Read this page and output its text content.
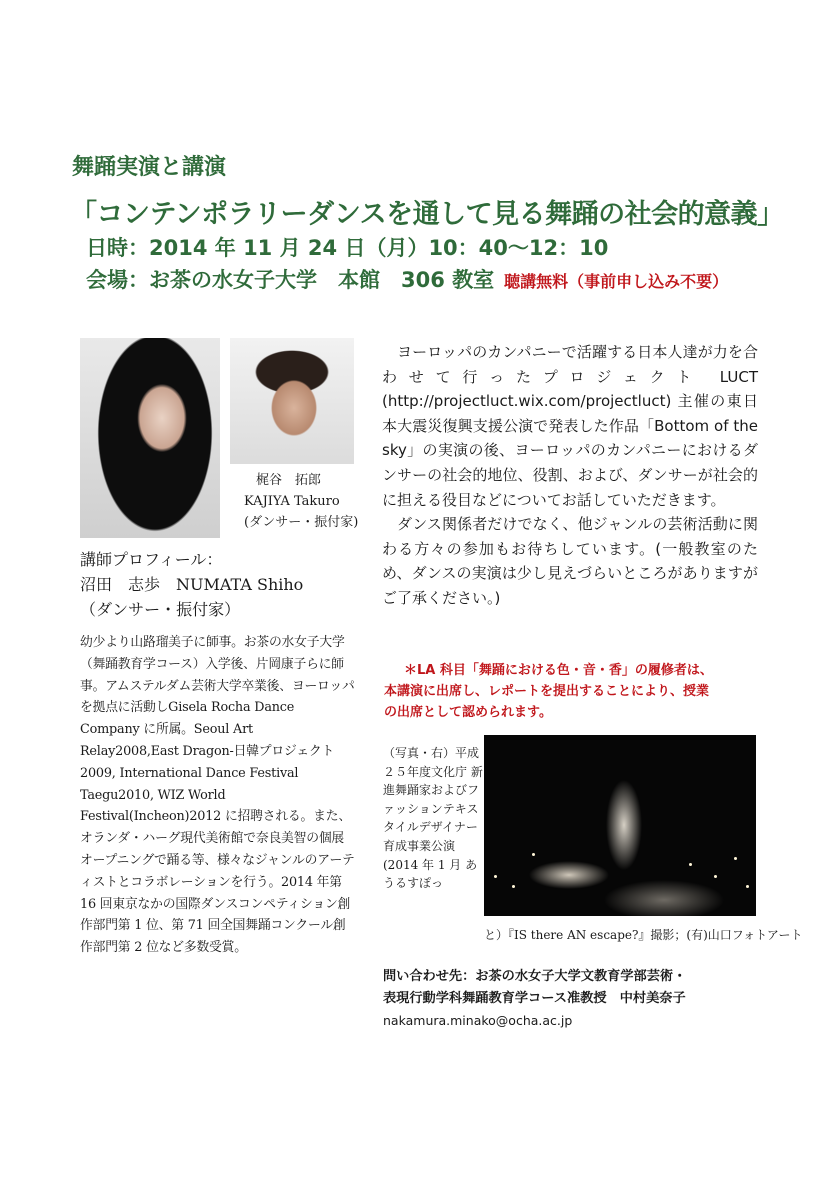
舞踊実演と講演
「コンテンポラリーダンスを通して見る舞踊の社会的意義」
日時：2014 年 11 月 24 日（月）10：40～12：10
会場：お茶の水女子大学　本館　306 教室 聴講無料（事前申し込み不要）
梶谷　拓郎
KAJIYA Takuro
(ダンサー・振付家)
講師プロフィール：
沼田　志歩　NUMATA Shiho
（ダンサー・振付家）
幼少より山路瑠美子に師事。お茶の水女子大学（舞踊教育学コース）入学後、片岡康子らに師事。アムステルダム芸術大学卒業後、ヨーロッパを拠点に活動しGisela Rocha Dance Company に所属。Seoul Art Relay2008,East Dragon-日韓プロジェクト 2009, International Dance Festival Taegu2010, WIZ World Festival(Incheon)2012 に招聘される。また、オランダ・ハーグ現代美術館で奈良美智の個展オープニングで踊る等、様々なジャンルのアーティストとコラボレーションを行う。2014 年第 16 回東京なかの国際ダンスコンペティション創作部門第 1 位、第 71 回全国舞踊コンクール創作部門第 2 位など多数受賞。

ヨーロッパのカンパニーで活躍する日本人達が力を合わせて行ったプロジェクト LUCT (http://projectluct.wix.com/projectluct) 主催の東日本大震災復興支援公演で発表した作品「Bottom of the sky」の実演の後、ヨーロッパのカンパニーにおけるダンサーの社会的地位、役割、および、ダンサーが社会的に担える役目などについてお話していただきます。

ダンス関係者だけでなく、他ジャンルの芸術活動に関わる方々の参加もお待ちしています。(一般教室のため、ダンスの実演は少し見えづらいところがありますがご了承ください。)

＊LA 科目「舞踊における色・音・香」の履修者は、
本講演に出席し、レポートを提出することにより、授業
の出席として認められます。
（写真・右）平成２５年度文化庁 新進舞踊家およびファッションテキスタイルデザイナー育成事業公演 (2014 年 1 月 あうるすぽっ
と）『IS there AN escape?』撮影；(有)山口フォトアート
問い合わせ先：お茶の水女子大学文教育学部芸術・
表現行動学科舞踊教育学コース准教授　中村美奈子
nakamura.minako@ocha.ac.jp
